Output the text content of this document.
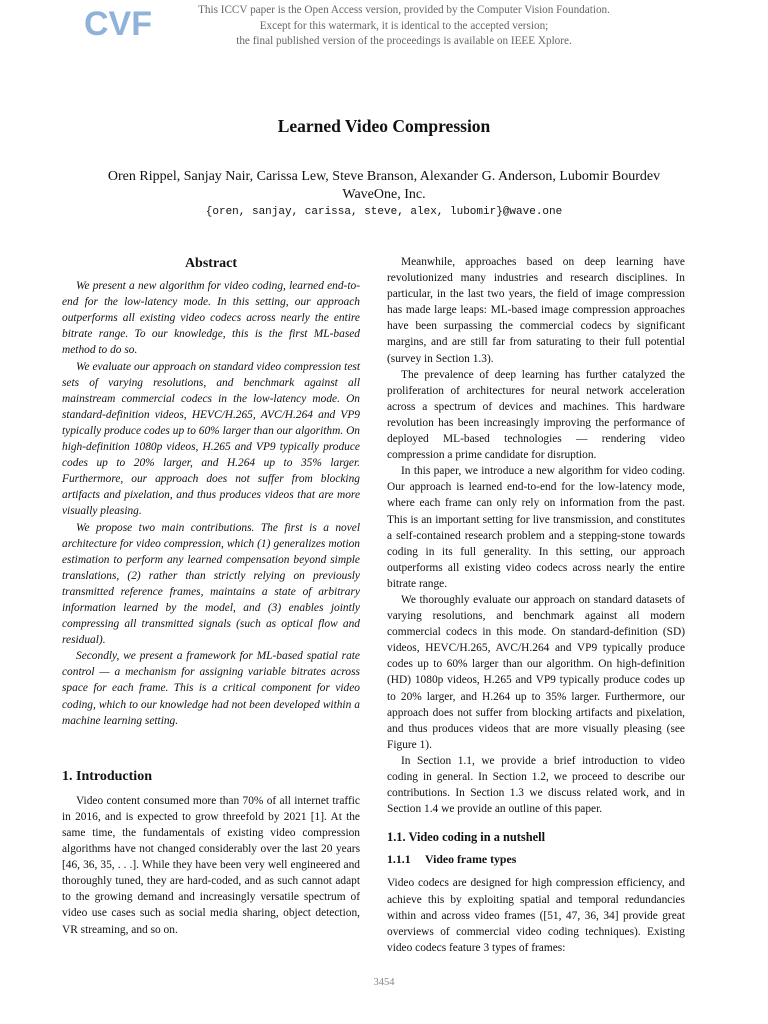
CVF	This ICCV paper is the Open Access version, provided by the Computer Vision Foundation.
Except for this watermark, it is identical to the accepted version;
the final published version of the proceedings is available on IEEE Xplore.
Learned Video Compression
Oren Rippel, Sanjay Nair, Carissa Lew, Steve Branson, Alexander G. Anderson, Lubomir Bourdev
WaveOne, Inc.
{oren, sanjay, carissa, steve, alex, lubomir}@wave.one
Abstract

We present a new algorithm for video coding, learned end-to-end for the low-latency mode. In this setting, our approach outperforms all existing video codecs across nearly the entire bitrate range. To our knowledge, this is the first ML-based method to do so.

We evaluate our approach on standard video compression test sets of varying resolutions, and benchmark against all mainstream commercial codecs in the low-latency mode. On standard-definition videos, HEVC/H.265, AVC/H.264 and VP9 typically produce codes up to 60% larger than our algorithm. On high-definition 1080p videos, H.265 and VP9 typically produce codes up to 20% larger, and H.264 up to 35% larger. Furthermore, our approach does not suffer from blocking artifacts and pixelation, and thus produces videos that are more visually pleasing.

We propose two main contributions. The first is a novel architecture for video compression, which (1) generalizes motion estimation to perform any learned compensation beyond simple translations, (2) rather than strictly relying on previously transmitted reference frames, maintains a state of arbitrary information learned by the model, and (3) enables jointly compressing all transmitted signals (such as optical flow and residual).

Secondly, we present a framework for ML-based spatial rate control — a mechanism for assigning variable bitrates across space for each frame. This is a critical component for video coding, which to our knowledge had not been developed within a machine learning setting.

1. Introduction

Video content consumed more than 70% of all internet traffic in 2016, and is expected to grow threefold by 2021 [1]. At the same time, the fundamentals of existing video compression algorithms have not changed considerably over the last 20 years [46, 36, 35, . . .]. While they have been very well engineered and thoroughly tuned, they are hard-coded, and as such cannot adapt to the growing demand and increasingly versatile spectrum of video use cases such as social media sharing, object detection, VR streaming, and so on.

Meanwhile, approaches based on deep learning have revolutionized many industries and research disciplines. In particular, in the last two years, the field of image compression has made large leaps: ML-based image compression approaches have been surpassing the commercial codecs by significant margins, and are still far from saturating to their full potential (survey in Section 1.3).

The prevalence of deep learning has further catalyzed the proliferation of architectures for neural network acceleration across a spectrum of devices and machines. This hardware revolution has been increasingly improving the performance of deployed ML-based technologies — rendering video compression a prime candidate for disruption.

In this paper, we introduce a new algorithm for video coding. Our approach is learned end-to-end for the low-latency mode, where each frame can only rely on information from the past. This is an important setting for live transmission, and constitutes a self-contained research problem and a stepping-stone towards coding in its full generality. In this setting, our approach outperforms all existing video codecs across nearly the entire bitrate range.

We thoroughly evaluate our approach on standard datasets of varying resolutions, and benchmark against all modern commercial codecs in this mode. On standard-definition (SD) videos, HEVC/H.265, AVC/H.264 and VP9 typically produce codes up to 60% larger than our algorithm. On high-definition (HD) 1080p videos, H.265 and VP9 typically produce codes up to 20% larger, and H.264 up to 35% larger. Furthermore, our approach does not suffer from blocking artifacts and pixelation, and thus produces videos that are more visually pleasing (see Figure 1).

In Section 1.1, we provide a brief introduction to video coding in general. In Section 1.2, we proceed to describe our contributions. In Section 1.3 we discuss related work, and in Section 1.4 we provide an outline of this paper.

1.1. Video coding in a nutshell
1.1.1 Video frame types

Video codecs are designed for high compression efficiency, and achieve this by exploiting spatial and temporal redundancies within and across video frames ([51, 47, 36, 34] provide great overviews of commercial video coding techniques). Existing video codecs feature 3 types of frames:

3454
